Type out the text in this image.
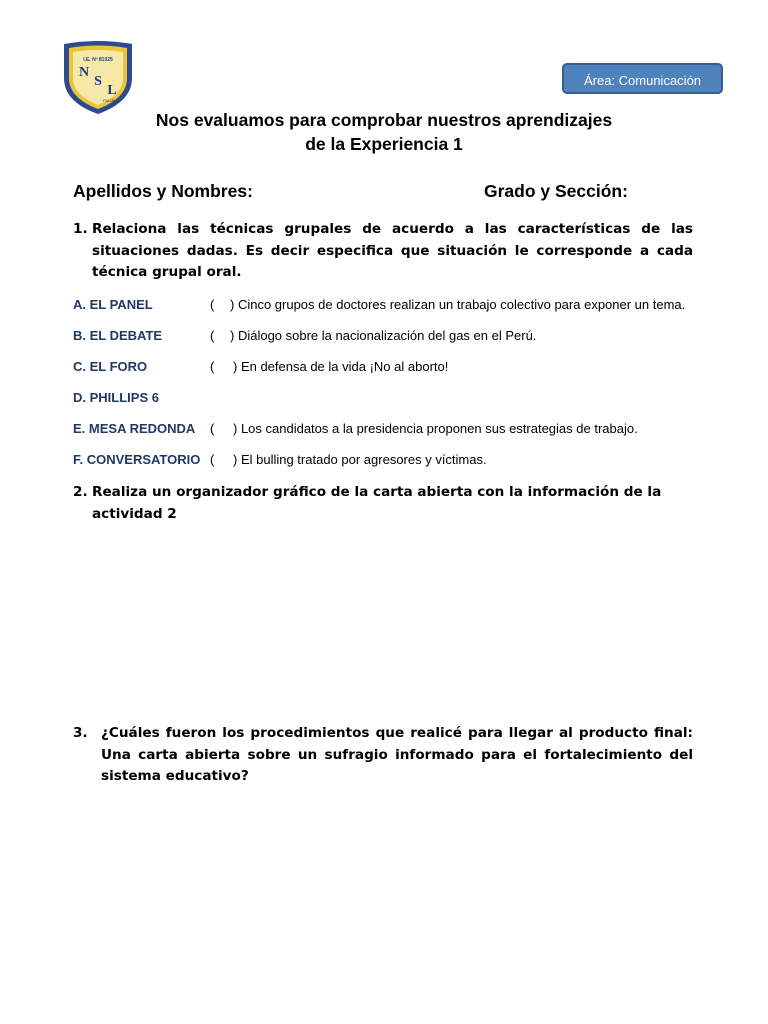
I.E. Nº 81025
N
S
L
PAIJÁN
Área: Comunicación
Nos evaluamos para comprobar nuestros aprendizajes
de la Experiencia 1
Apellidos y Nombres:	Grado y Sección:
1. Relaciona las técnicas grupales de acuerdo a las características de las situaciones dadas. Es decir especifica que situación le corresponde a cada técnica grupal oral.
A. EL PANEL	( ) Cinco grupos de doctores realizan un trabajo colectivo para exponer un tema.
B. EL DEBATE	( ) Diálogo sobre la nacionalización del gas en el Perú.
C. EL FORO	( ) En defensa de la vida ¡No al aborto!
D. PHILLIPS 6
E. MESA REDONDA ( ) Los candidatos a la presidencia proponen sus estrategias de trabajo.
F. CONVERSATORIO ( ) El bulling tratado por agresores y víctimas.
2. Realiza un organizador gráfico de la carta abierta con la información de la actividad 2
3. ¿Cuáles fueron los procedimientos que realicé para llegar al producto final: Una carta abierta sobre un sufragio informado para el fortalecimiento del sistema educativo?
